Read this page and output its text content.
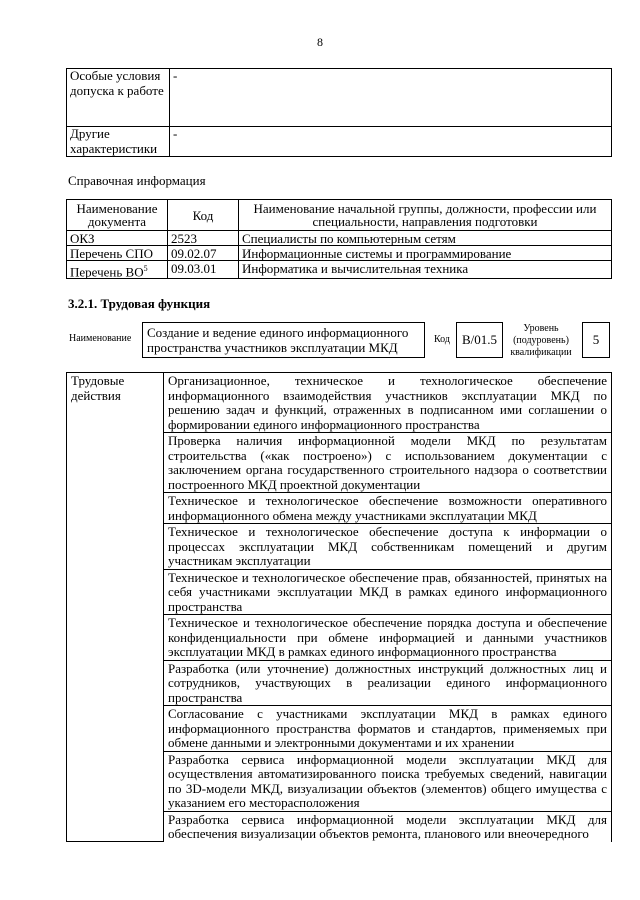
8
Особые условия допуска к работе	-
Другие характеристики	-
Справочная информация
Наименование документа	Код	Наименование начальной группы, должности, профессии или специальности, направления подготовки
ОКЗ	2523	Специалисты по компьютерным сетям
Перечень СПО	09.02.07	Информационные системы и программирование
Перечень $ВО^5$	09.03.01	Информатика и вычислительная техника
3.2.1. Трудовая функция
Наименование	Создание и ведение единого информационного пространства участников эксплуатации МКД
Код B/01.5
Уровень (подуровень) квалификации
5
Трудовые действия	Организационное, техническое и технологическое обеспечение информационного взаимодействия участников эксплуатации МКД по решению задач и функций, отраженных в подписанном ими соглашении о формировании единого информационного пространства
Проверка наличия информационной модели МКД по результатам строительства («как построено») с использованием документации с заключением органа государственного строительного надзора о соответствии построенного МКД проектной документации
Техническое и технологическое обеспечение возможности оперативного информационного обмена между участниками эксплуатации МКД
Техническое и технологическое обеспечение доступа к информации о процессах эксплуатации МКД собственникам помещений и другим участникам эксплуатации
Техническое и технологическое обеспечение прав, обязанностей, принятых на себя участниками эксплуатации МКД в рамках единого информационного пространства
Техническое и технологическое обеспечение порядка доступа и обеспечение конфиденциальности при обмене информацией и данными участников эксплуатации МКД в рамках единого информационного пространства
Разработка (или уточнение) должностных инструкций должностных лиц и сотрудников, участвующих в реализации единого информационного пространства
Согласование с участниками эксплуатации МКД в рамках единого информационного пространства форматов и стандартов, применяемых при обмене данными и электронными документами и их хранении
Разработка сервиса информационной модели эксплуатации МКД для осуществления автоматизированного поиска требуемых сведений, навигации по 3D-модели МКД, визуализации объектов (элементов) общего имущества с указанием его месторасположения
Разработка сервиса информационной модели эксплуатации МКД для обеспечения визуализации объектов ремонта, планового или внеочередного
